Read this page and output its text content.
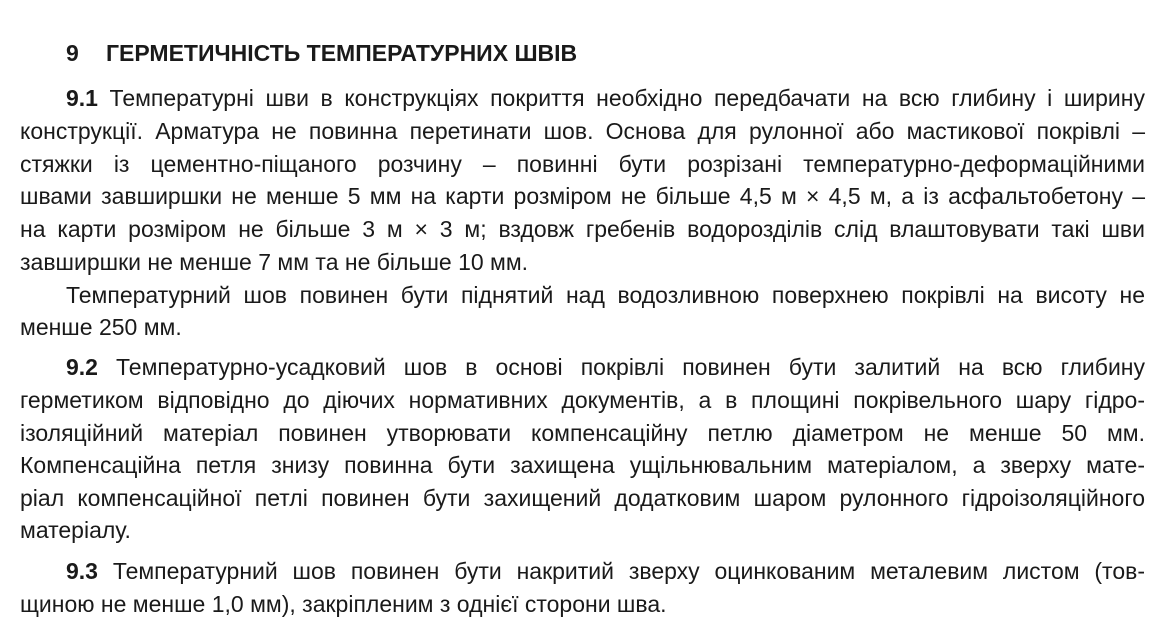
9 ГЕРМЕТИЧНІСТЬ ТЕМПЕРАТУРНИХ ШВІВ
9.1 Температурні шви в конструкціях покриття необхідно передбачати на всю глибину і ширину
конструкції. Арматура не повинна перетинати шов. Основа для рулонної або мастикової покрівлі –
стяжки із цементно-піщаного розчину – повинні бути розрізані температурно-деформаційними
швами завширшки не менше 5 мм на карти розміром не більше 4,5 м × 4,5 м, а із асфальтобетону –
на карти розміром не більше 3 м × 3 м; вздовж гребенів водорозділів слід влаштовувати такі шви
завширшки не менше 7 мм та не більше 10 мм.
Температурний шов повинен бути піднятий над водозливною поверхнею покрівлі на висоту не
менше 250 мм.
9.2 Температурно-усадковий шов в основі покрівлі повинен бути залитий на всю глибину
герметиком відповідно до діючих нормативних документів, а в площині покрівельного шару гідро-
ізоляційний матеріал повинен утворювати компенсаційну петлю діаметром не менше 50 мм.
Компенсаційна петля знизу повинна бути захищена ущільнювальним матеріалом, а зверху мате-
ріал компенсаційної петлі повинен бути захищений додатковим шаром рулонного гідроізоляційного
матеріалу.
9.3 Температурний шов повинен бути накритий зверху оцинкованим металевим листом (тов-
щиною не менше 1,0 мм), закріпленим з однієї сторони шва.
